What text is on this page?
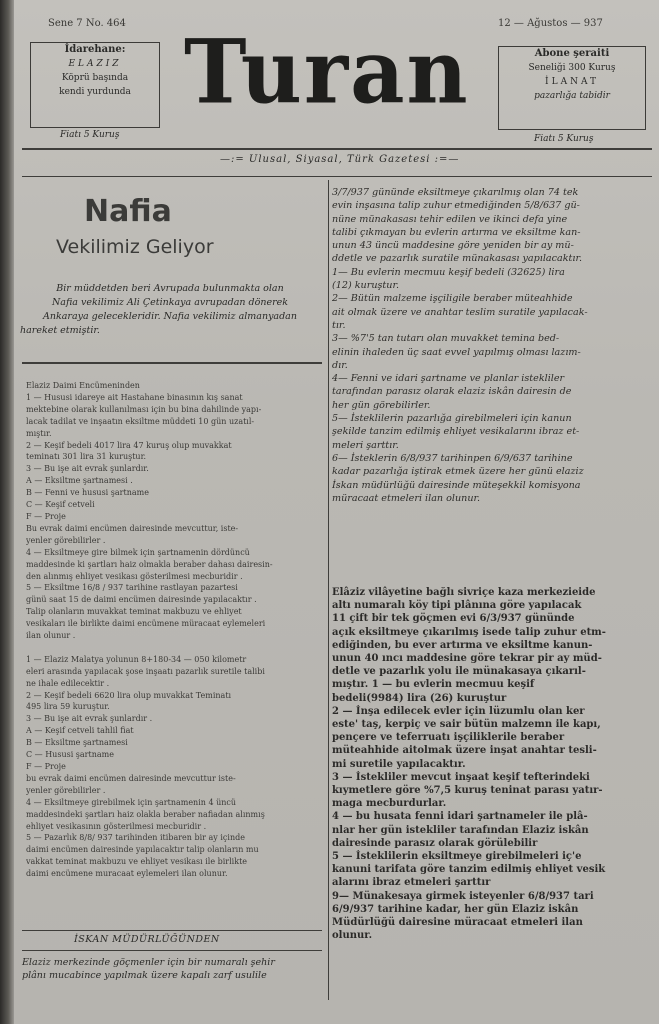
Sene 7 No. 464	12 — Ağustos — 937
İdarehane:
ELAZIZ
Köprü başında
kendi yurdunda
Fiatı 5 Kuruş
Turan	Abone şeraiti
Seneliği 300 Kuruş
İLANAT
pazarlığa tabidir
Fiatı 5 Kuruş
—:= Ulusal, Siyasal, Türk Gazetesi :=—
Nafia
Vekilimiz Geliyor
Bir müddetden beri Avrupada bulunmakta olan
Nafia vekilimiz Ali Çetinkaya avrupadan dönerek
Ankaraya gelecekleridir. Nafia vekilimiz almanyadan
hareket etmiştir.
Elaziz Daimi Encümeninden
1 — Hususi idareye ait Hastahane binasının kış sanat
mektebine olarak kullanılması için bu bina dahilinde yapı-
lacak tadilat ve inşaatın eksiltme müddeti 10 gün uzatıl-
mıştır.
2 — Keşif bedeli 4017 lira 47 kuruş olup muvakkat
teminatı 301 lira 31 kuruştur.
3 — Bu işe ait evrak şunlardır.
A — Eksiltme şartnamesi .
B — Fenni ve hususi şartname
C — Keşif cetveli
F — Proje
Bu evrak daimi encümen dairesinde mevcuttur, iste-
yenler görebilirler .
4 — Eksiltmeye gire bilmek için şartnamenin dördüncü
maddesinde ki şartları haiz olmakla beraber dahası dairesin-
den alınmış ehliyet vesikası gösterilmesi mecburidir .
5 — Eksiltme 16/8 / 937 tarihine rastlayan pazartesi
günü saat 15 de daimi encümen dairesinde yapılacaktır .
Talip olanların muvakkat teminat makbuzu ve ehliyet
vesikaları ile birlikte daimi encümene müracaat eylemeleri
ilan olunur .

1 — Elaziz Malatya yolunun 8+180-34 — 050 kilometr
eleri arasında yapılacak şose inşaatı pazarlık suretile talibi
ne ihale edilecektir .
2 — Keşif bedeli 6620 lira olup muvakkat Teminatı
495 lira 59 kuruştur.
3 — Bu işe ait evrak şunlardır .
A — Keşif cetveli tahlil fiat
B — Eksiltme şartnamesi
C — Hususi şartname
F — Proje
bu evrak daimi encümen dairesinde mevcuttur iste-
yenler görebilirler .
4 — Eksiltmeye girebilmek için şartnamenin 4 üncü
maddesindeki şartları haiz olakla beraber nafiadan alınmış
ehliyet vesikasının gösterilmesi mecburidir .
5 — Pazarlık 8/8/ 937 tarihinden itibaren bir ay içinde
daimi encümen dairesinde yapılacaktır talip olanların mu
vakkat teminat makbuzu ve ehliyet vesikası ile birlikte
daimi encümene muracaat eylemeleri ilan olunur.
İSKAN MÜDÜRLÜĞÜNDEN
Elaziz merkezinde göçmenler için bir numaralı şehir
plânı mucabince yapılmak üzere kapalı zarf usulile
3/7/937 gününde eksiltmeye çıkarılmış olan 74 tek
evin inşasına talip zuhur etmediğinden 5/8/637 gü-
nüne münakasası tehir edilen ve ikinci defa yine
talibi çıkmayan bu evlerin artırma ve eksiltme kan-
unun 43 üncü maddesine göre yeniden bir ay mü-
ddetle ve pazarlık suratile münakasası yapılacaktır.
1— Bu evlerin mecmuu keşif bedeli (32625) lira
(12) kuruştur.
2— Bütün malzeme işçiligile beraber müteahhide
ait olmak üzere ve anahtar teslim suratile yapılacak-
tır.
3— %7'5 tan tutarı olan muvakket temina bed-
elinin ihaleden üç saat evvel yapılmış olması lazım-
dır.
4— Fenni ve idari şartname ve planlar istekliler
tarafından parasız olarak elaziz iskân dairesin de
her gün görebilirler.
5— İsteklilerin pazarlığa girebilmeleri için kanun
şekilde tanzim edilmiş ehliyet vesikalarını ibraz et-
meleri şarttır.
6— İsteklerin 6/8/937 tarihinpen 6/9/637 tarihine
kadar pazarlığa iştirak etmek üzere her günü elaziz
İskan müdürlüğü dairesinde müteşekkil komisyona
müracaat etmeleri ilan olunur.
Elâziz vilâyetine bağlı sivriçe kaza merkezieide
altı numaralı köy tipi plânına göre yapılacak
11 çift bir tek göçmen evi 6/3/937 gününde
açık eksiltmeye çıkarılmış isede talip zuhur etm-
ediğinden, bu ever artırma ve eksiltme kanun-
unun 40 ıncı maddesine göre tekrar pir ay müd-
detle ve pazarlık yolu ile münakasaya çıkarıl-
mıştır. 1 — bu evlerin mecmuu keşif
bedeli(9984) lira (26) kuruştur
2 — İnşa edilecek evler için lüzumlu olan ker
este' taş, kerpiç ve sair bütün malzemn ile kapı,
pençere ve teferruatı işçiliklerile beraber
müteahhide aitolmak üzere inşat anahtar tesli-
mi suretile yapılacaktır.
3 — İstekliler mevcut inşaat keşif tefterindeki
kıymetlere göre %7,5 kuruş teninat parası yatır-
maga mecburdurlar.
4 — bu husata fenni idari şartnameler ile plâ-
nlar her gün istekliler tarafından Elaziz iskân
dairesinde parasız olarak görülebilir
5 — İsteklilerin eksiltmeye girebilmeleri iç'e
kanuni tarifata göre tanzim edilmiş ehliyet vesik
alarını ibraz etmeleri şarttır
9— Münakesaya girmek isteyenler 6/8/937 tari
6/9/937 tarihine kadar, her gün Elaziz iskân
Müdürlüğü dairesine müracaat etmeleri ilan
olunur.
